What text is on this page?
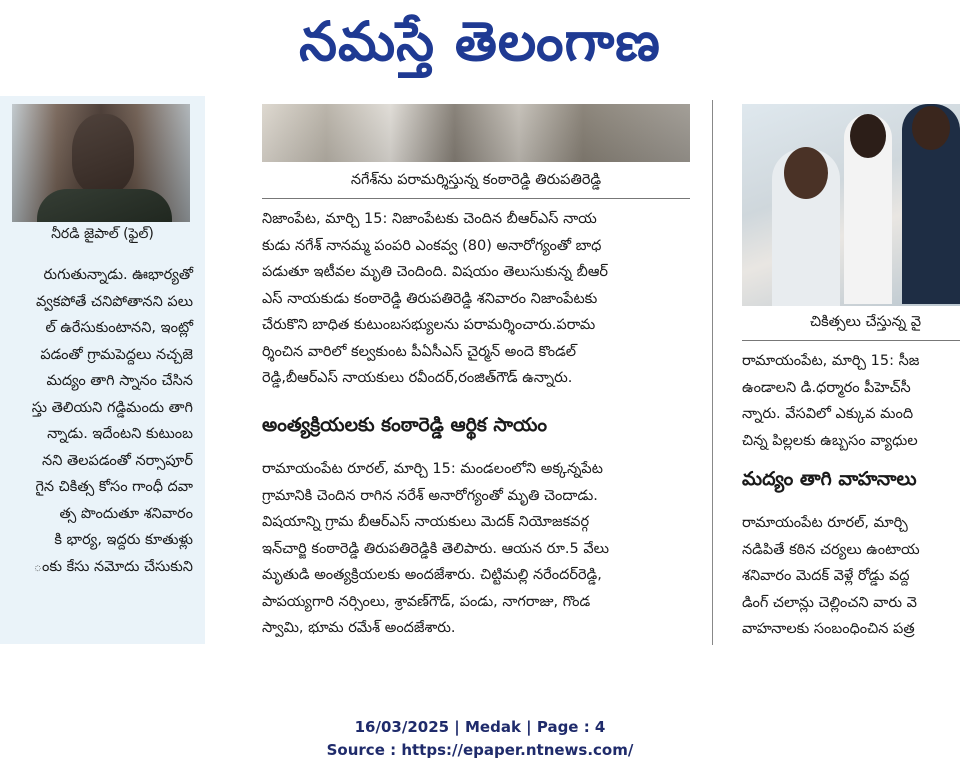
నమస్తే తెలంగాణ
నీరడి జైపాల్ (ఫైల్)
రుగుతున్నాడు. ఊభార్యతో
వ్వకపోతే చనిపోతానని పలు
ల్ ఉరేసుకుంటానని, ఇంట్లో
పడంతో గ్రామపెద్దలు నచ్చజె
మద్యం తాగి స్నానం చేసిన
స్తు తెలియని గడ్డిమందు తాగి
న్నాడు. ఇదేంటని కుటుంబ
నని తెలపడంతో నర్సాపూర్
గైన చికిత్స కోసం గాంధీ దవా
త్స పొందుతూ శనివారం
కి భార్య, ఇద్దరు కూతుళ్లు
ంకు కేసు నమోదు చేసుకుని
నగేశ్‌ను పరామర్శిస్తున్న కంఠారెడ్డి తిరుపతిరెడ్డి
నిజాంపేట, మార్చి 15: నిజాంపేటకు చెందిన బీఆర్ఎస్ నాయ
కుడు నగేశ్ నానమ్మ పంపరి ఎంకవ్వ (80) అనారోగ్యంతో బాధ
పడుతూ ఇటీవల మృతి చెందింది. విషయం తెలుసుకున్న బీఆర్
ఎస్ నాయకుడు కంఠారెడ్డి తిరుపతిరెడ్డి శనివారం నిజాంపేటకు
చేరుకొని బాధిత కుటుంబసభ్యులను పరామర్శించారు.పరామ
ర్శించిన వారిలో కల్వకుంట పీఏసీఎస్ చైర్మన్ అందె కొండల్
రెడ్డి,బీఆర్ఎస్ నాయకులు రవీందర్,రంజిత్‌గౌడ్ ఉన్నారు.
అంత్యక్రియలకు కంఠారెడ్డి ఆర్థిక సాయం
రామాయంపేట రూరల్, మార్చి 15: మండలంలోని అక్కన్నపేట
గ్రామానికి చెందిన రాగిన నరేశ్ అనారోగ్యంతో మృతి చెందాడు.
విషయాన్ని గ్రామ బీఆర్ఎస్ నాయకులు మెదక్ నియోజకవర్గ
ఇన్‌చార్జి కంఠారెడ్డి తిరుపతిరెడ్డికి తెలిపారు. ఆయన రూ.5 వేలు
మృతుడి అంత్యక్రియలకు అందజేశారు. చిట్టిమల్లి నరేందర్‌రెడ్డి,
పాపయ్యగారి నర్సింలు, శ్రావణ్‌గౌడ్, పండు, నాగరాజు, గొండ
స్వామి, భూమ రమేశ్ అందజేశారు.
చికిత్సలు చేస్తున్న వై
రామాయంపేట, మార్చి 15: సీజ
ఉండాలని డి.ధర్మారం పీహెచ్‌సీ
న్నారు. వేసవిలో ఎక్కువ మంది
చిన్న పిల్లలకు ఉబ్బసం వ్యాధుల
మద్యం తాగి వాహనాలు
రామాయంపేట రూరల్, మార్చి
నడిపితే కఠిన చర్యలు ఉంటాయ
శనివారం మెదక్ వెళ్లే రోడ్డు వద్ద
డింగ్ చలాన్లు చెల్లించని వారు వె
వాహనాలకు సంబంధించిన పత్ర
16/03/2025 | Medak | Page : 4
Source : https://epaper.ntnews.com/
